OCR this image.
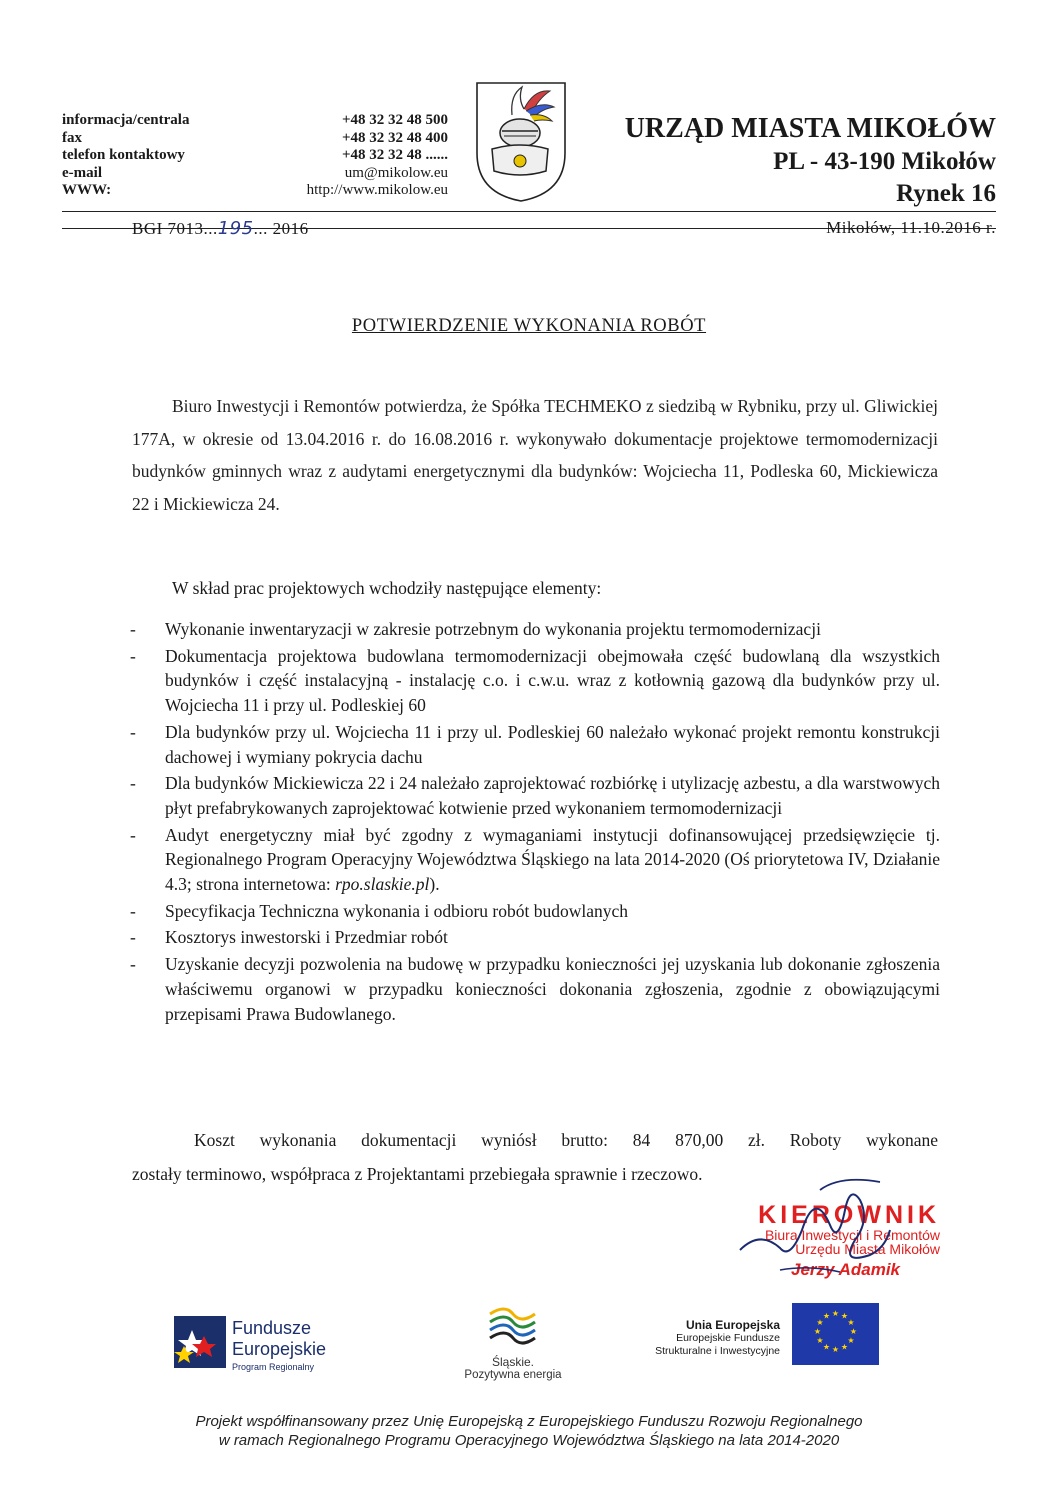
informacja/centrala
fax
telefon kontaktowy
e-mail
WWW:
+48 32 32 48 500
+48 32 32 48 400
+48 32 32 48 ......
um@mikolow.eu
http://www.mikolow.eu
URZĄD MIASTA MIKOŁÓW
PL - 43-190 Mikołów
Rynek 16
BGI 7013...195... 2016	Mikołów, 11.10.2016 r.
POTWIERDZENIE WYKONANIA ROBÓT
Biuro Inwestycji i Remontów potwierdza, że Spółka TECHMEKO z siedzibą w Rybniku, przy ul. Gliwickiej 177A, w okresie od 13.04.2016 r. do 16.08.2016 r. wykonywało dokumentacje projektowe termomodernizacji budynków gminnych wraz z audytami energetycznymi dla budynków: Wojciecha 11, Podleska 60, Mickiewicza 22 i Mickiewicza 24.
W skład prac projektowych wchodziły następujące elementy:
- Wykonanie inwentaryzacji w zakresie potrzebnym do wykonania projektu termomodernizacji
- Dokumentacja projektowa budowlana termomodernizacji obejmowała część budowlaną dla wszystkich budynków i część instalacyjną - instalację c.o. i c.w.u. wraz z kotłownią gazową dla budynków przy ul. Wojciecha 11 i przy ul. Podleskiej 60
- Dla budynków przy ul. Wojciecha 11 i przy ul. Podleskiej 60 należało wykonać projekt remontu konstrukcji dachowej i wymiany pokrycia dachu
- Dla budynków Mickiewicza 22 i 24 należało zaprojektować rozbiórkę i utylizację azbestu, a dla warstwowych płyt prefabrykowanych zaprojektować kotwienie przed wykonaniem termomodernizacji
- Audyt energetyczny miał być zgodny z wymaganiami instytucji dofinansowującej przedsięwzięcie tj. Regionalnego Program Operacyjny Województwa Śląskiego na lata 2014-2020 (Oś priorytetowa IV, Działanie 4.3; strona internetowa: rpo.slaskie.pl).
- Specyfikacja Techniczna wykonania i odbioru robót budowlanych
- Kosztorys inwestorski i Przedmiar robót
- Uzyskanie decyzji pozwolenia na budowę w przypadku konieczności jej uzyskania lub dokonanie zgłoszenia właściwemu organowi w przypadku konieczności dokonania zgłoszenia, zgodnie z obowiązującymi przepisami Prawa Budowlanego.
Koszt wykonania dokumentacji wyniósł brutto: 84 870,00 zł. Roboty wykonane
zostały terminowo, współpraca z Projektantami przebiegała sprawnie i rzeczowo.
KIEROWNIK
Biura Inwestycji i Remontów
Urzędu Miasta Mikołów
Jerzy Adamik
Fundusze
Europejskie
Program Regionalny	Śląskie.
Pozytywna energia
Unia Europejska
Europejskie Fundusze
Strukturalne i Inwestycyjne
★ ★
★
★
★
★
★
★
★
★
★
★
Projekt współfinansowany przez Unię Europejską z Europejskiego Funduszu Rozwoju Regionalnego
w ramach Regionalnego Programu Operacyjnego Województwa Śląskiego na lata 2014-2020
